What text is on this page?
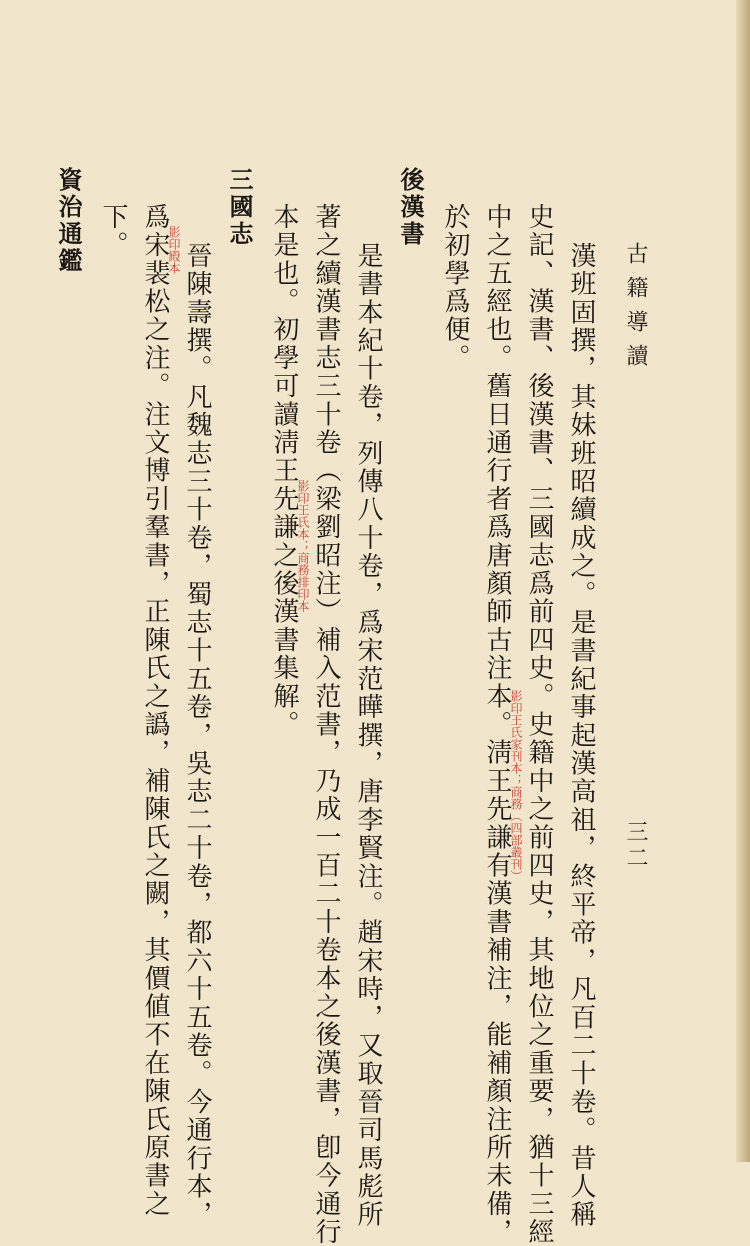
三二
古籍導讀
漢班固撰，其妹班昭續成之。是書紀事起漢高祖，終平帝，凡百二十卷。昔人稱
史記、漢書、後漢書、三國志爲前四史。史籍中之前四史，其地位之重要，猶十三經
中之五經也。舊日通行者爲唐顏師古注本。淸王先謙有漢書補注，能補顏注所未備，
於初學爲便。
後漢書
是書本紀十卷，列傳八十卷，爲宋范曄撰，唐李賢注。趙宋時，又取晉司馬彪所
著之續漢書志三十卷（梁劉昭注）補入范書，乃成一百二十卷本之後漢書，卽今通行
本是也。初學可讀淸王先謙之後漢書集解。
三國志
晉陳壽撰。凡魏志三十卷，蜀志十五卷，吳志二十卷，都六十五卷。今通行本，
爲宋裴松之注。注文博引羣書，正陳氏之譌，補陳氏之闕，其價値不在陳氏原書之
下。
資治通鑑
影印王氏家刊本；商務（四部叢刊）
影印王氏本；商務排印本
影印殿本
